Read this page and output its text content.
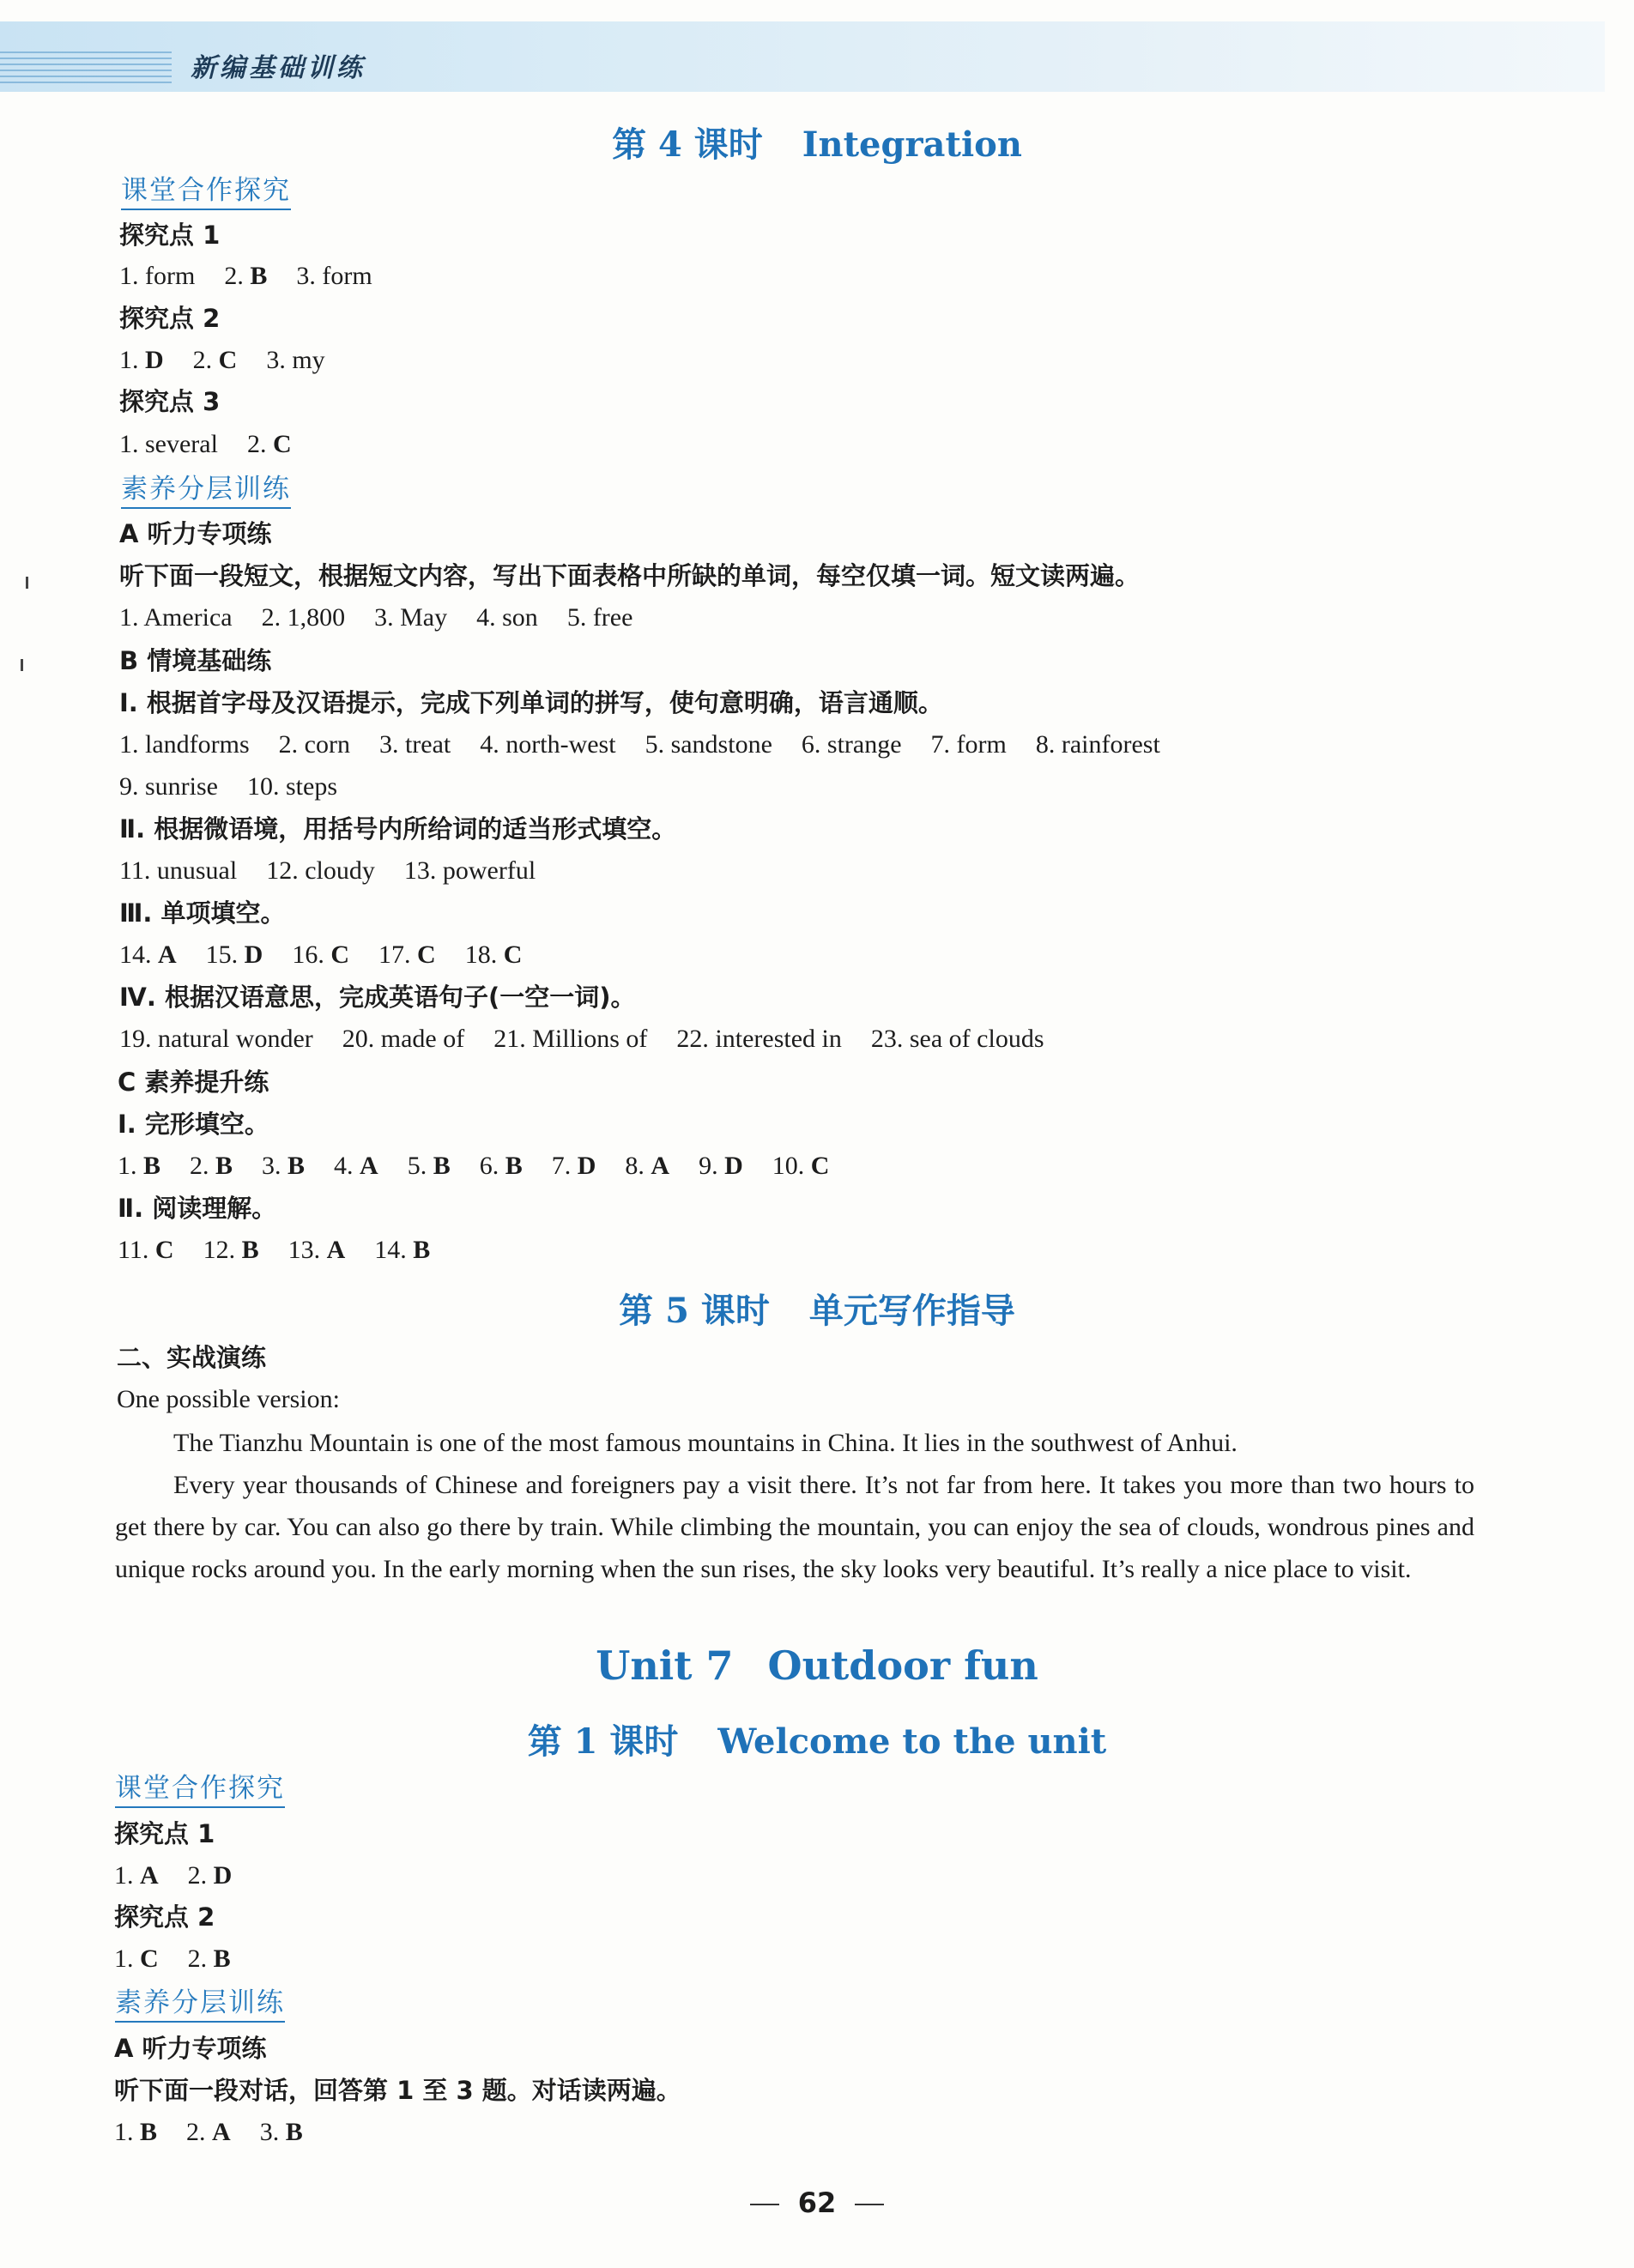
新编基础训练
第 4 课时 Integration
课堂合作探究
探究点 1
1. form 2. B 3. form
探究点 2
1. D 2. C 3. my
探究点 3
1. several 2. C
素养分层训练
A 听力专项练
听下面一段短文，根据短文内容，写出下面表格中所缺的单词，每空仅填一词。短文读两遍。
1. America 2. 1,800 3. May 4. son 5. free
B 情境基础练
Ⅰ. 根据首字母及汉语提示，完成下列单词的拼写，使句意明确，语言通顺。
1. landforms 2. corn 3. treat 4. north-west 5. sandstone 6. strange 7. form 8. rainforest
9. sunrise 10. steps
Ⅱ. 根据微语境，用括号内所给词的适当形式填空。
11. unusual 12. cloudy 13. powerful
Ⅲ. 单项填空。
14. A 15. D 16. C 17. C 18. C
Ⅳ. 根据汉语意思，完成英语句子(一空一词)。
19. natural wonder 20. made of 21. Millions of 22. interested in 23. sea of clouds
C 素养提升练
Ⅰ. 完形填空。
1. B 2. B 3. B 4. A 5. B 6. B 7. D 8. A 9. D 10. C
Ⅱ. 阅读理解。
11. C 12. B 13. A 14. B
第 5 课时 单元写作指导
二、实战演练
One possible version:

The Tianzhu Mountain is one of the most famous mountains in China. It lies in the southwest of Anhui.

Every year thousands of Chinese and foreigners pay a visit there. It’s not far from here. It takes you more than two hours to get there by car. You can also go there by train. While climbing the mountain, you can enjoy the sea of clouds, wondrous pines and unique rocks around you. In the early morning when the sun rises, the sky looks very beautiful. It’s really a nice place to visit.

Unit 7 Outdoor fun
第 1 课时 Welcome to the unit
课堂合作探究
探究点 1
1. A 2. D
探究点 2
1. C 2. B
素养分层训练
A 听力专项练
听下面一段对话，回答第 1 至 3 题。对话读两遍。
1. B 2. A 3. B
62
